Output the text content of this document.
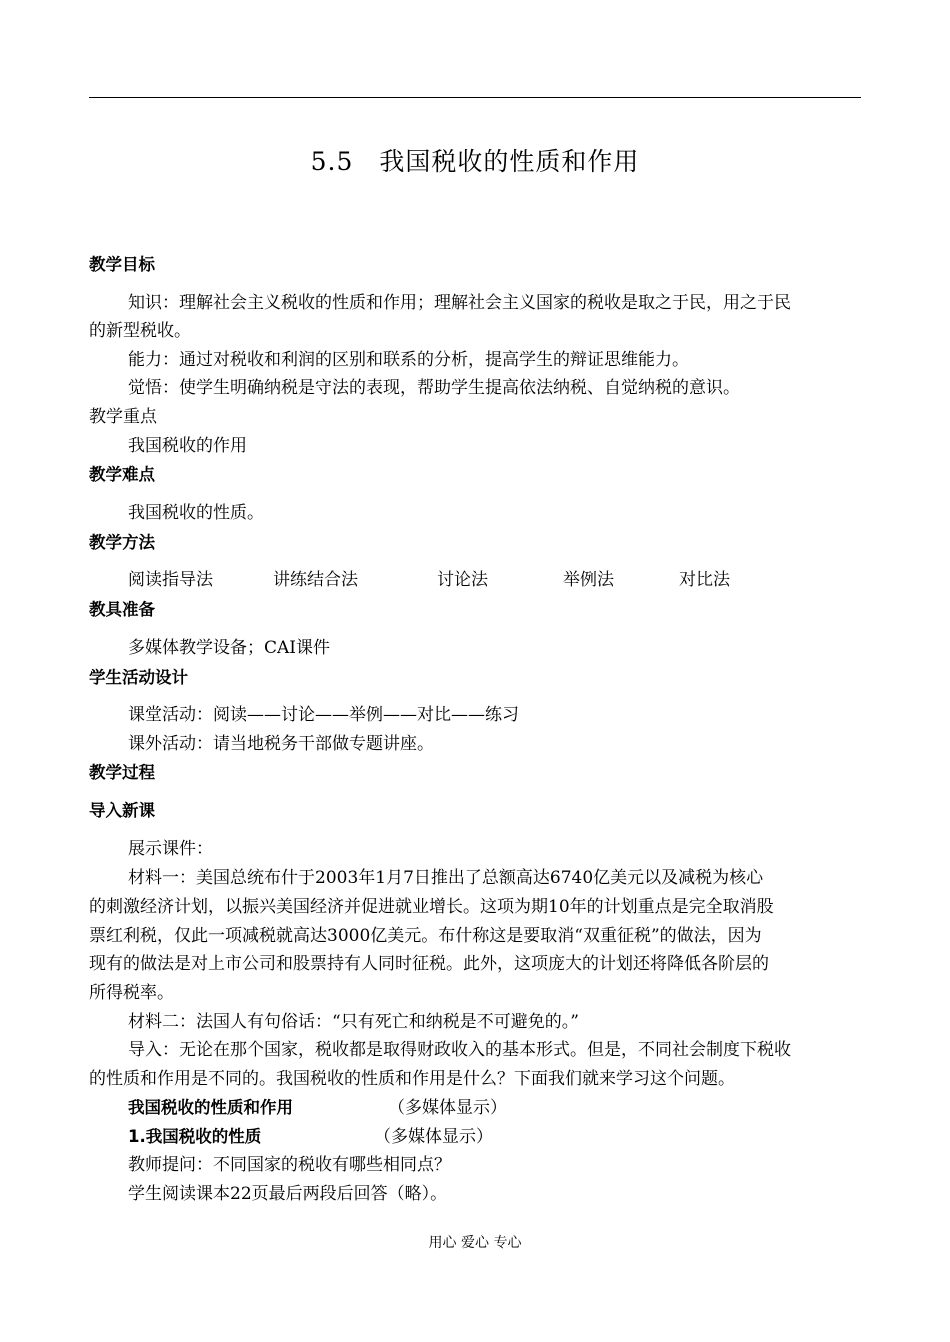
5.5　我国税收的性质和作用
教学目标
知识：理解社会主义税收的性质和作用；理解社会主义国家的税收是取之于民，用之于民
的新型税收。
能力：通过对税收和利润的区别和联系的分析，提高学生的辩证思维能力。
觉悟：使学生明确纳税是守法的表现，帮助学生提高依法纳税、自觉纳税的意识。
教学重点
我国税收的作用
教学难点
我国税收的性质。
教学方法
阅读指导法	讲练结合法	讨论法	举例法	对比法
教具准备
多媒体教学设备；CAI课件
学生活动设计
课堂活动：阅读——讨论——举例——对比——练习
课外活动：请当地税务干部做专题讲座。
教学过程
导入新课
展示课件：
材料一：美国总统布什于2003年1月7日推出了总额高达6740亿美元以及减税为核心
的刺激经济计划，以振兴美国经济并促进就业增长。这项为期10年的计划重点是完全取消股
票红利税，仅此一项减税就高达3000亿美元。布什称这是要取消“双重征税”的做法，因为
现有的做法是对上市公司和股票持有人同时征税。此外，这项庞大的计划还将降低各阶层的
所得税率。
材料二：法国人有句俗话：“只有死亡和纳税是不可避免的。”
导入：无论在那个国家，税收都是取得财政收入的基本形式。但是，不同社会制度下税收
的性质和作用是不同的。我国税收的性质和作用是什么？下面我们就来学习这个问题。
我国税收的性质和作用	（多媒体显示）
1.我国税收的性质	（多媒体显示）
教师提问：不同国家的税收有哪些相同点？
学生阅读课本22页最后两段后回答（略）。
用心 爱心 专心
